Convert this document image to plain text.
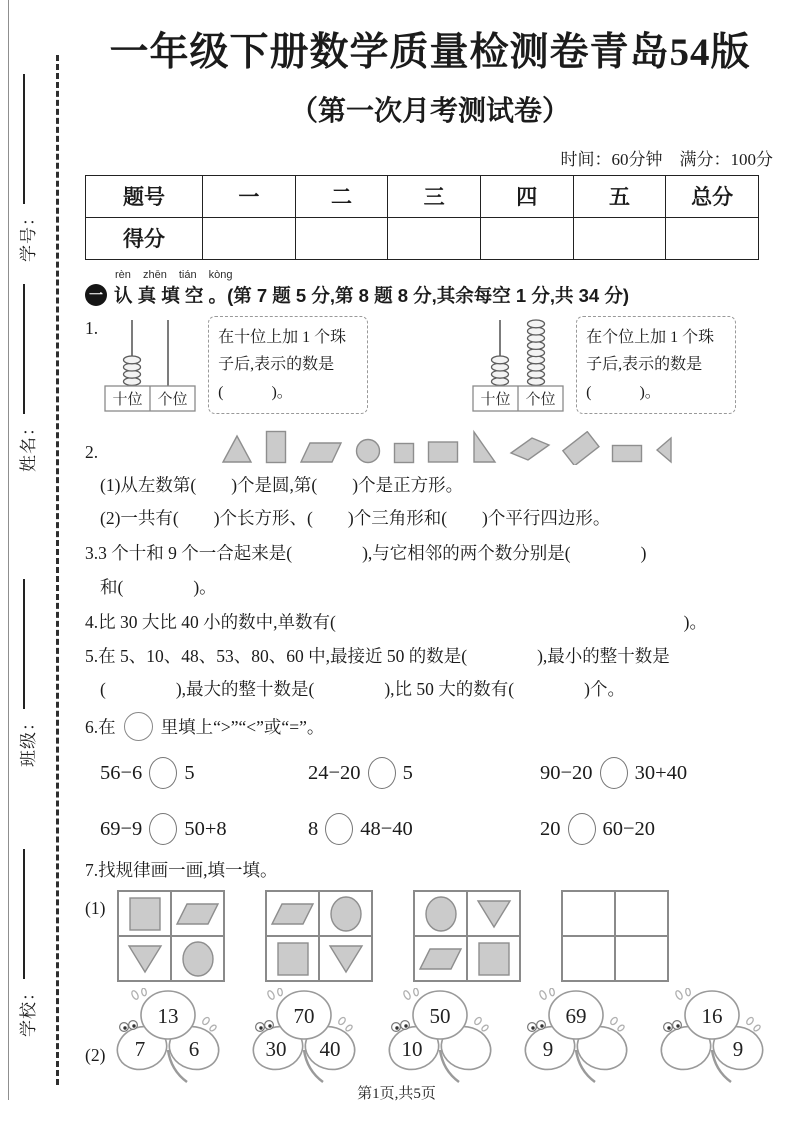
学号：
姓名：
班级：
学校：
一年级下册数学质量检测卷青岛54版
（第一次月考测试卷）
时间：60分钟　满分：100分
题号	一	二	三	四	五	总分
得分						
rèn zhēn tián kòng
一 认 真 填 空 。 (第 7 题 5 分,第 8 题 8 分,其余每空 1 分,共 34 分)
1.
十位 个位
在十位上加 1 个珠子后,表示的数是(　　　)。	十位 个位
在个位上加 1 个珠子后,表示的数是(　　　)。
2.
(1)从左数第(　　)个是圆,第(　　)个是正方形。
(2)一共有(　　)个长方形、(　　)个三角形和(　　)个平行四边形。
3.3 个十和 9 个一合起来是(　　　　),与它相邻的两个数分别是(　　　　)
和(　　　　)。
4.比 30 大比 40 小的数中,单数有(	)。
5.在 5、10、48、53、80、60 中,最接近 50 的数是(　　　　),最小的整十数是
(　　　　),最大的整十数是(　　　　),比 50 大的数有(　　　　)个。
6.在	里填上“>”“<”或“=”。
56−6 5	24−20 5	90−20 30+40
69−9 50+8	8 48−40	20 60−20
7.找规律画一画,填一填。
(1)
(2)
13
7 6
70
30 40
50
10
69
9
16
9
第1页,共5页
